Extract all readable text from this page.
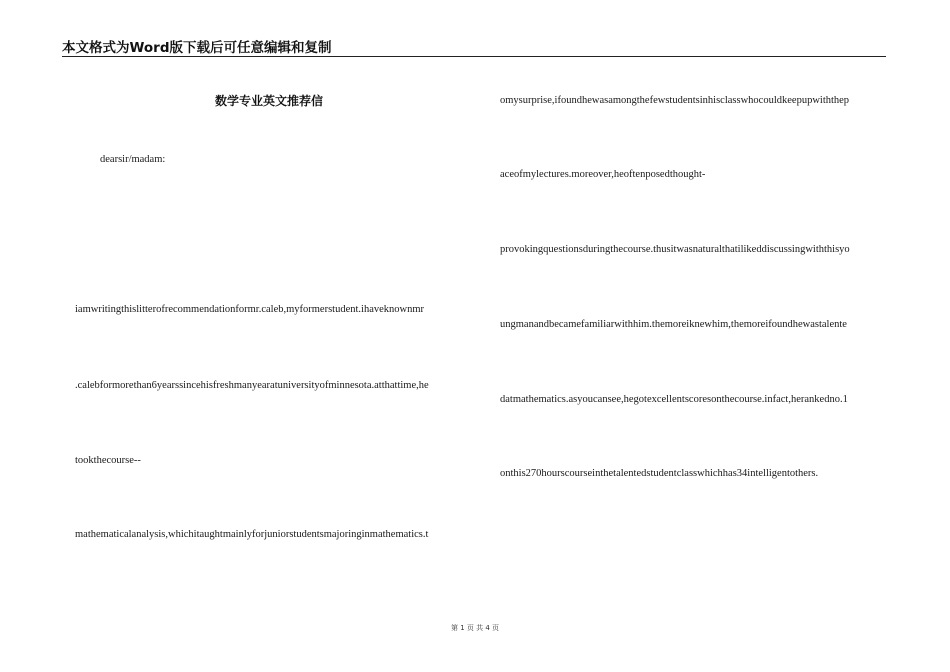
本文格式为Word版下载后可任意编辑和复制
数学专业英文推荐信
dearsir/madam:
iamwritingthislitterofrecommendationformr.caleb,myformerstudent.ihaveknownmr
.calebformorethan6yearssincehisfreshmanyearatuniversityofminnesota.atthattime,he
tookthecourse--
mathematicalanalysis,whichitaughtmainlyforjuniorstudentsmajoringinmathematics.t
omysurprise,ifoundhewasamongthefewstudentsinhisclasswhocouldkeepupwiththep
aceofmylectures.moreover,heoftenposedthought-
provokingquestionsduringthecourse.thusitwasnaturalthatilikeddiscussingwiththisyo
ungmanandbecamefamiliarwithhim.themoreiknewhim,themoreifoundhewastalente
datmathematics.asyoucansee,hegotexcellentscoresonthecourse.infact,herankedno.1
onthis270hourscourseinthetalentedstudentclasswhichhas34intelligentothers.
第 1 页 共 4 页
